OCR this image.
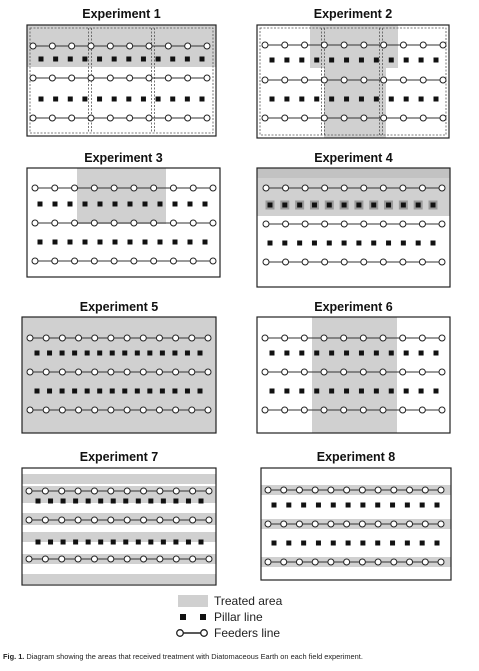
Experiment 1	Experiment 2
Experiment 3	Experiment 4
Experiment 5	Experiment 6
Experiment 7	Experiment 8
Treated area
Pillar line
Feeders line
Fig. 1. Diagram showing the areas that received treatment with Diatomaceous Earth on each field experiment.
